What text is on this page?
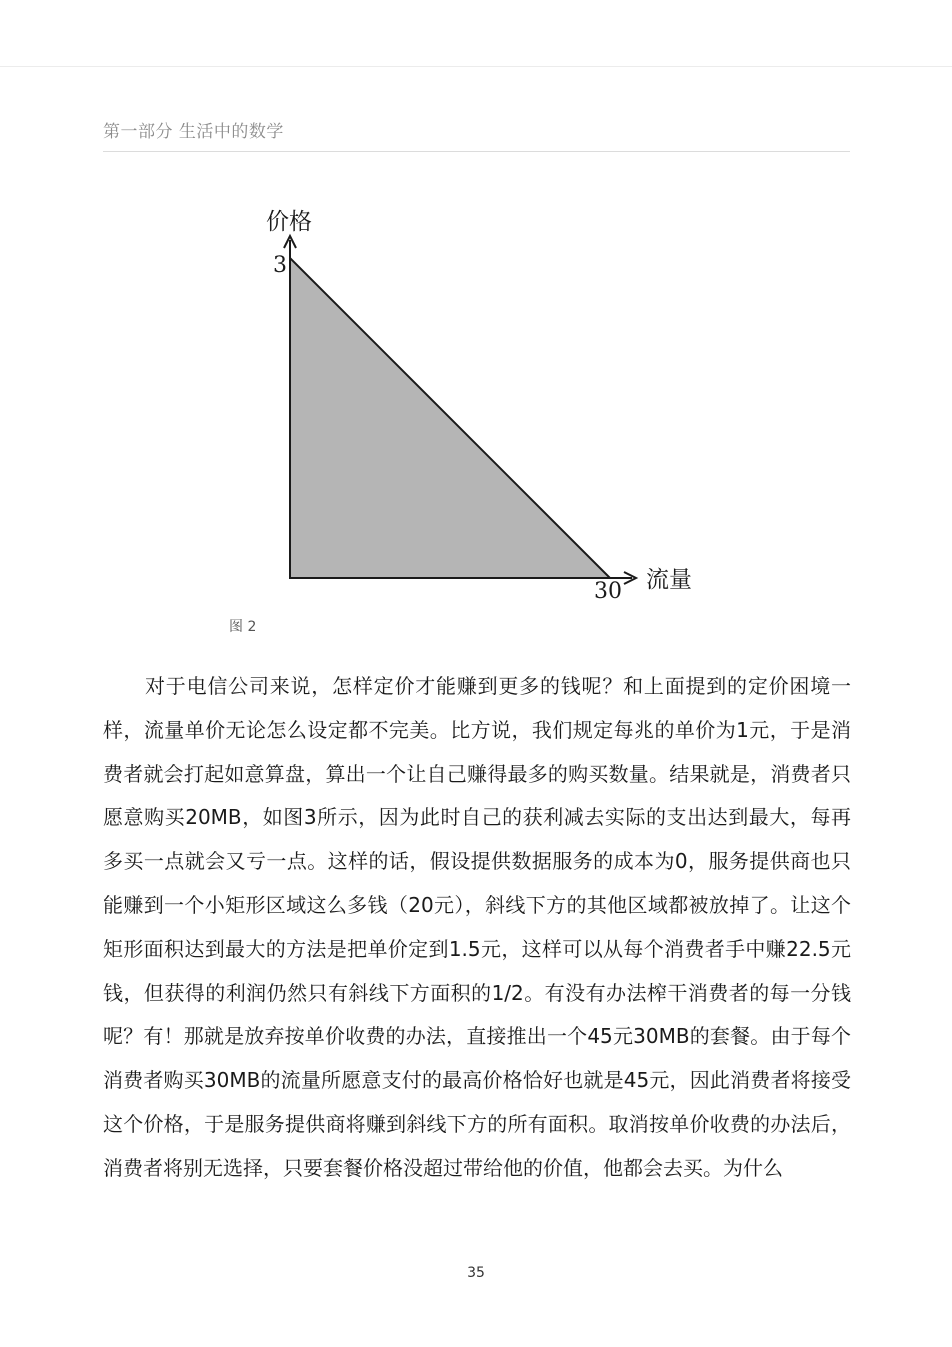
第一部分 生活中的数学
价格
3
30 流量
图 2

对于电信公司来说，怎样定价才能赚到更多的钱呢？和上面提到的定价困境一样，流量单价无论怎么设定都不完美。比方说，我们规定每兆的单价为1元，于是消费者就会打起如意算盘，算出一个让自己赚得最多的购买数量。结果就是，消费者只愿意购买20MB，如图3所示，因为此时自己的获利减去实际的支出达到最大，每再多买一点就会又亏一点。这样的话，假设提供数据服务的成本为0，服务提供商也只能赚到一个小矩形区域这么多钱（20元），斜线下方的其他区域都被放掉了。让这个矩形面积达到最大的方法是把单价定到1.5元，这样可以从每个消费者手中赚22.5元钱，但获得的利润仍然只有斜线下方面积的1/2。有没有办法榨干消费者的每一分钱呢？有！那就是放弃按单价收费的办法，直接推出一个45元30MB的套餐。由于每个消费者购买30MB的流量所愿意支付的最高价格恰好也就是45元，因此消费者将接受这个价格，于是服务提供商将赚到斜线下方的所有面积。取消按单价收费的办法后，消费者将别无选择，只要套餐价格没超过带给他的价值，他都会去买。为什么

35
